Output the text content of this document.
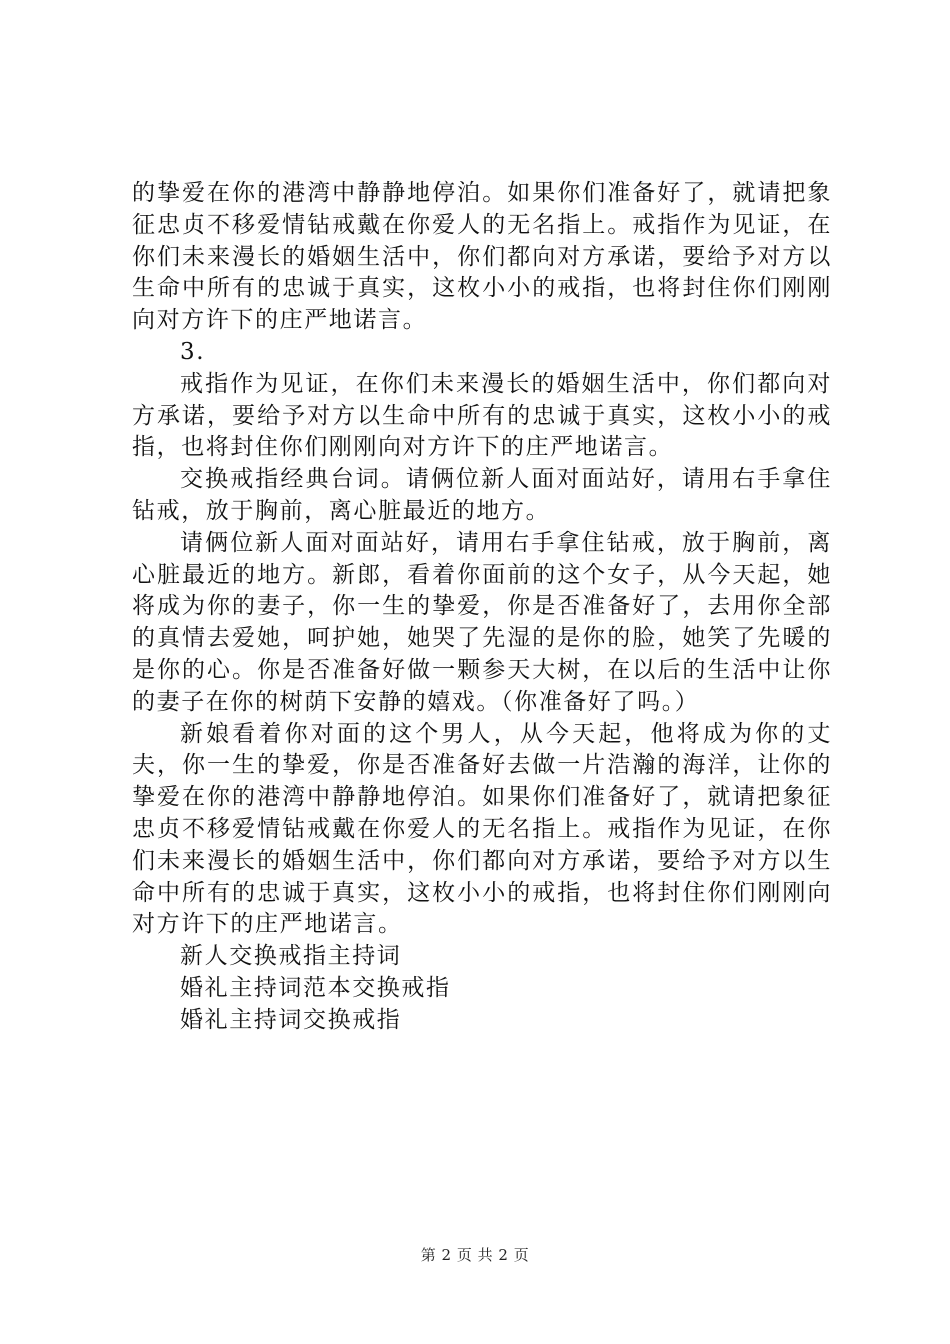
的挚爱在你的港湾中静静地停泊。如果你们准备好了，就请把象征忠贞不移爱情钻戒戴在你爱人的无名指上。戒指作为见证，在你们未来漫长的婚姻生活中，你们都向对方承诺，要给予对方以生命中所有的忠诚于真实，这枚小小的戒指，也将封住你们刚刚向对方许下的庄严地诺言。

3.

戒指作为见证，在你们未来漫长的婚姻生活中，你们都向对方承诺，要给予对方以生命中所有的忠诚于真实，这枚小小的戒指，也将封住你们刚刚向对方许下的庄严地诺言。

交换戒指经典台词。请俩位新人面对面站好，请用右手拿住钻戒，放于胸前，离心脏最近的地方。

请俩位新人面对面站好，请用右手拿住钻戒，放于胸前，离心脏最近的地方。新郎，看着你面前的这个女子，从今天起，她将成为你的妻子，你一生的挚爱，你是否准备好了，去用你全部的真情去爱她，呵护她，她哭了先湿的是你的脸，她笑了先暖的是你的心。你是否准备好做一颗参天大树，在以后的生活中让你的妻子在你的树荫下安静的嬉戏。（你准备好了吗。）

新娘看着你对面的这个男人，从今天起，他将成为你的丈夫，你一生的挚爱，你是否准备好去做一片浩瀚的海洋，让你的挚爱在你的港湾中静静地停泊。如果你们准备好了，就请把象征忠贞不移爱情钻戒戴在你爱人的无名指上。戒指作为见证，在你们未来漫长的婚姻生活中，你们都向对方承诺，要给予对方以生命中所有的忠诚于真实，这枚小小的戒指，也将封住你们刚刚向对方许下的庄严地诺言。

新人交换戒指主持词

婚礼主持词范本交换戒指

婚礼主持词交换戒指

第 2 页 共 2 页
